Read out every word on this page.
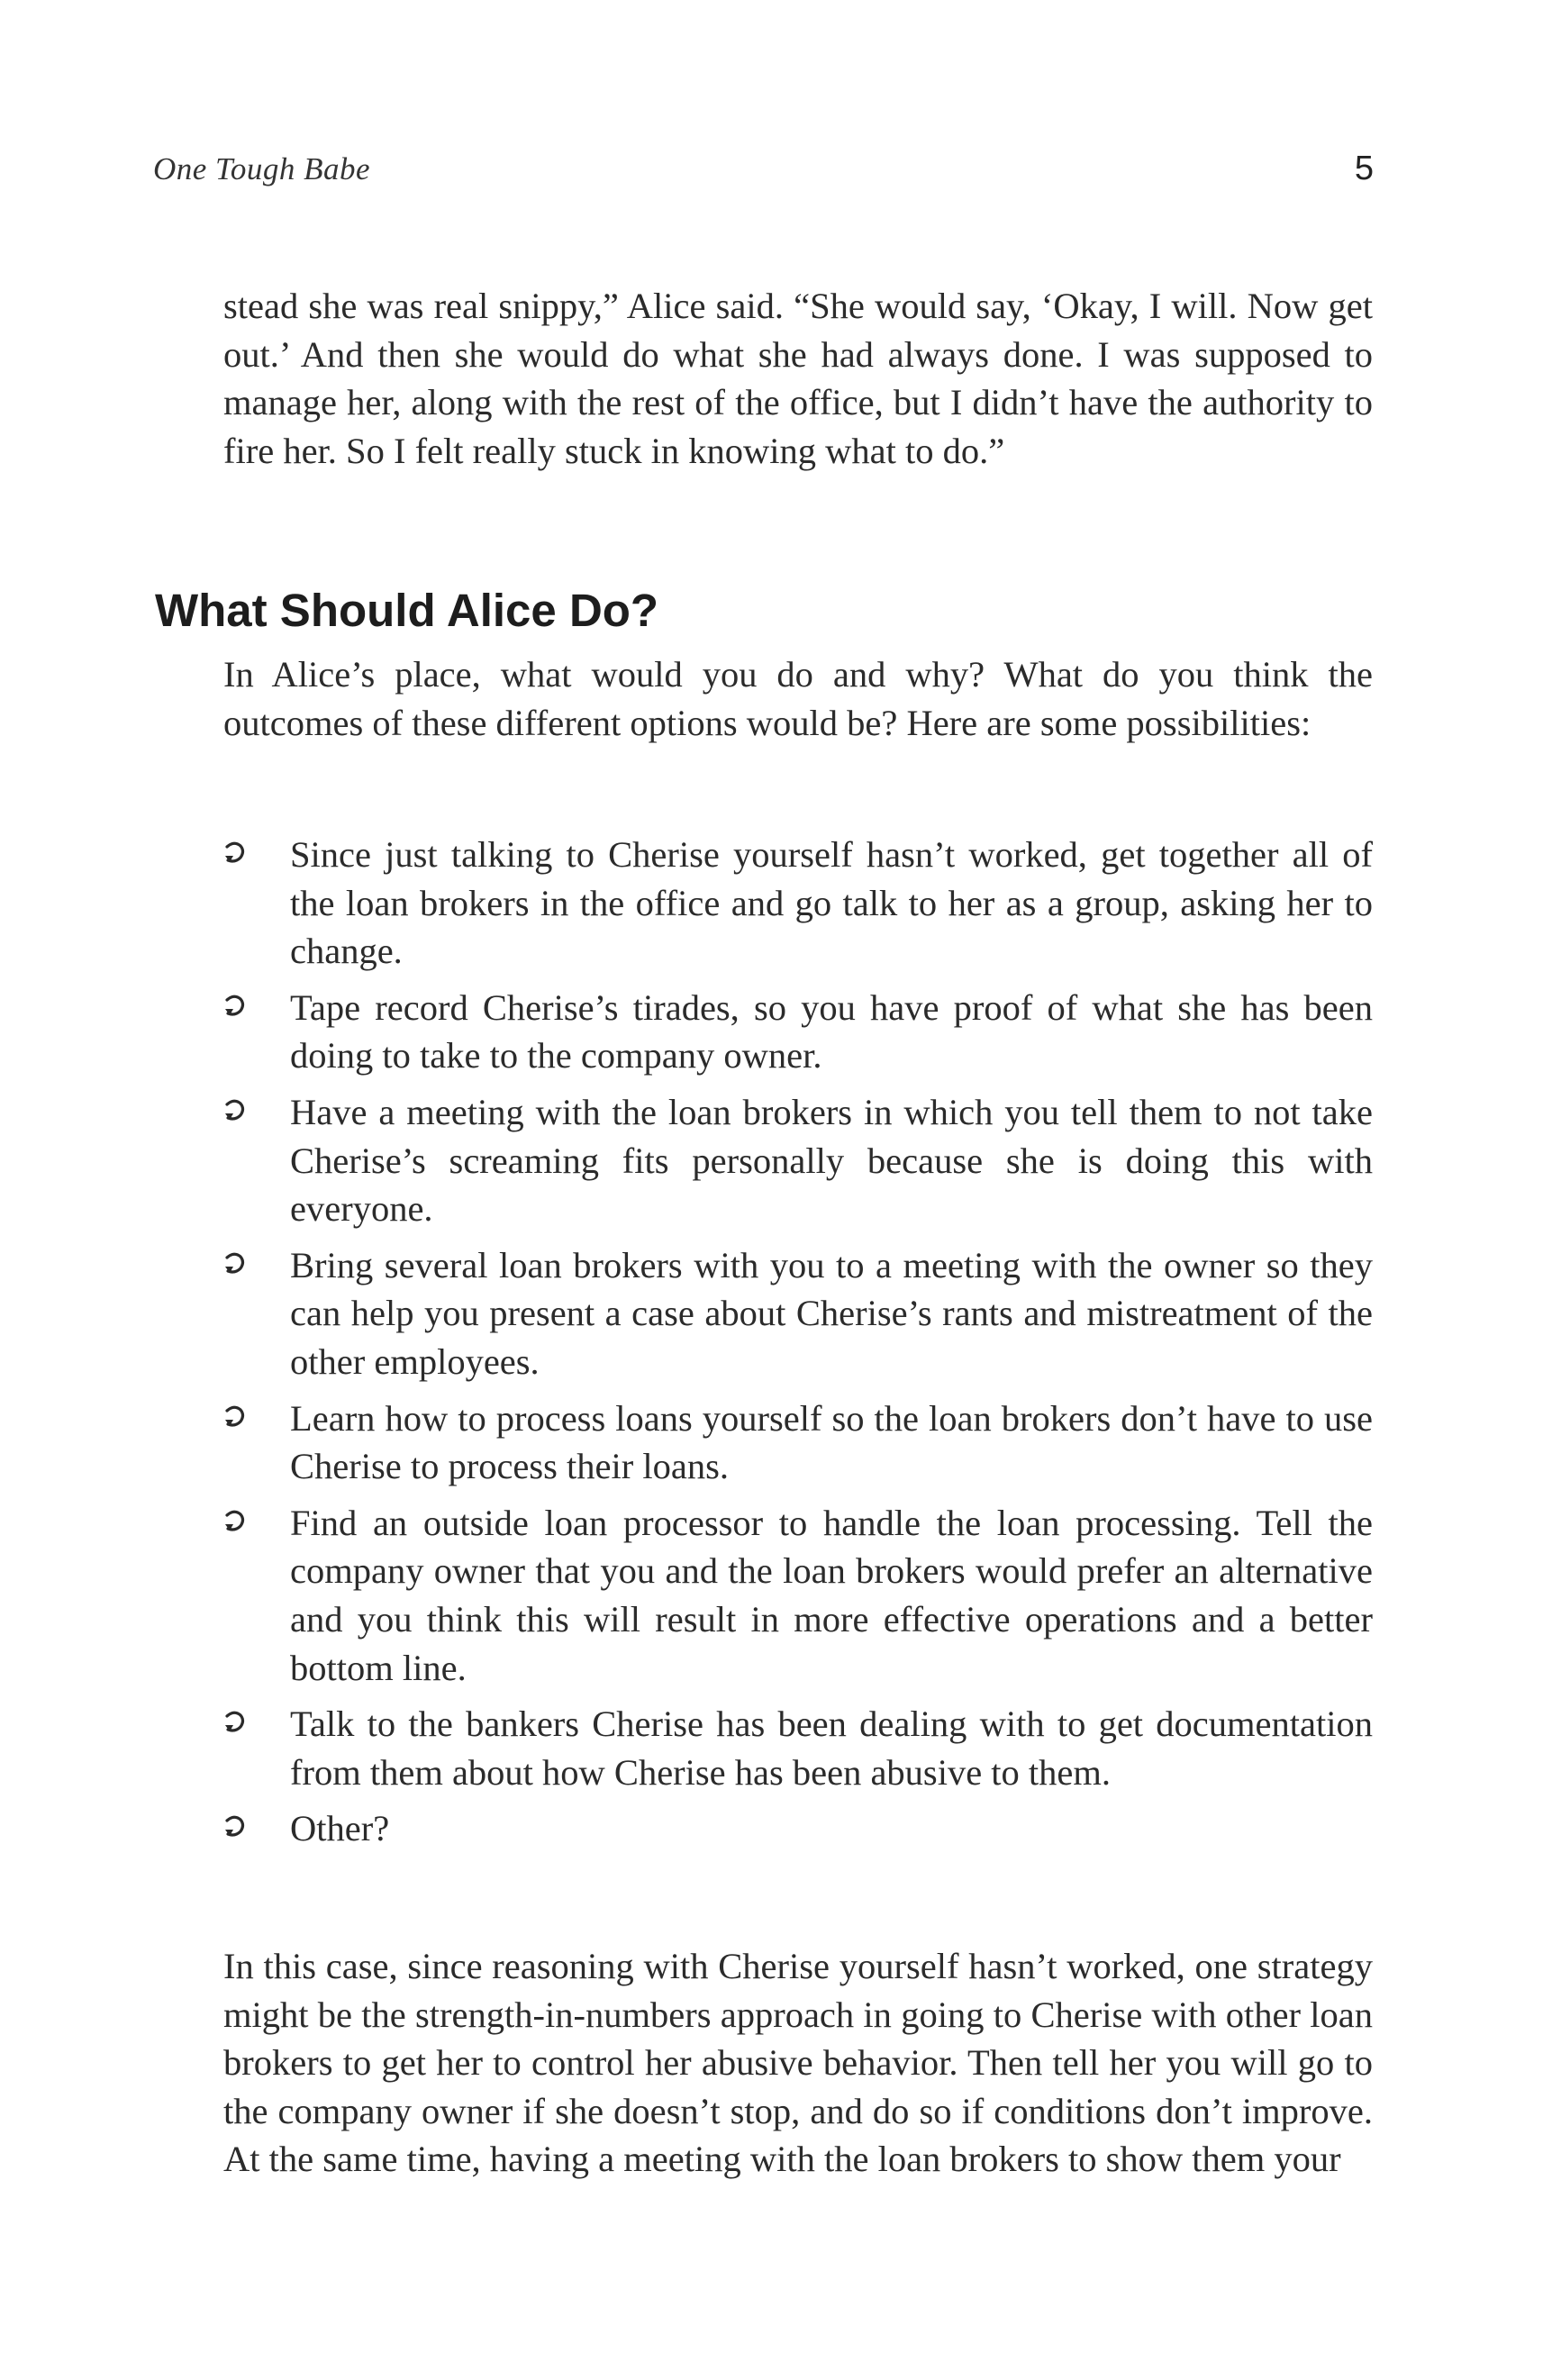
One Tough Babe	5

stead she was real snippy,” Alice said. “She would say, ‘Okay, I will. Now get out.’ And then she would do what she had always done. I was supposed to manage her, along with the rest of the office, but I didn’t have the authority to fire her. So I felt really stuck in knowing what to do.”

What Should Alice Do?

In Alice’s place, what would you do and why? What do you think the outcomes of these different options would be? Here are some possibilities:

Since just talking to Cherise yourself hasn’t worked, get together all of the loan brokers in the office and go talk to her as a group, asking her to change.
Tape record Cherise’s tirades, so you have proof of what she has been doing to take to the company owner.
Have a meeting with the loan brokers in which you tell them to not take Cherise’s screaming fits personally because she is doing this with everyone.
Bring several loan brokers with you to a meeting with the owner so they can help you present a case about Cherise’s rants and mistreatment of the other employees.
Learn how to process loans yourself so the loan brokers don’t have to use Cherise to process their loans.
Find an outside loan processor to handle the loan processing. Tell the company owner that you and the loan brokers would prefer an alternative and you think this will result in more effective operations and a better bottom line.
Talk to the bankers Cherise has been dealing with to get documentation from them about how Cherise has been abusive to them.
Other?

In this case, since reasoning with Cherise yourself hasn’t worked, one strategy might be the strength-in-numbers approach in going to Cherise with other loan brokers to get her to control her abusive behavior. Then tell her you will go to the company owner if she doesn’t stop, and do so if conditions don’t improve. At the same time, having a meeting with the loan brokers to show them your
